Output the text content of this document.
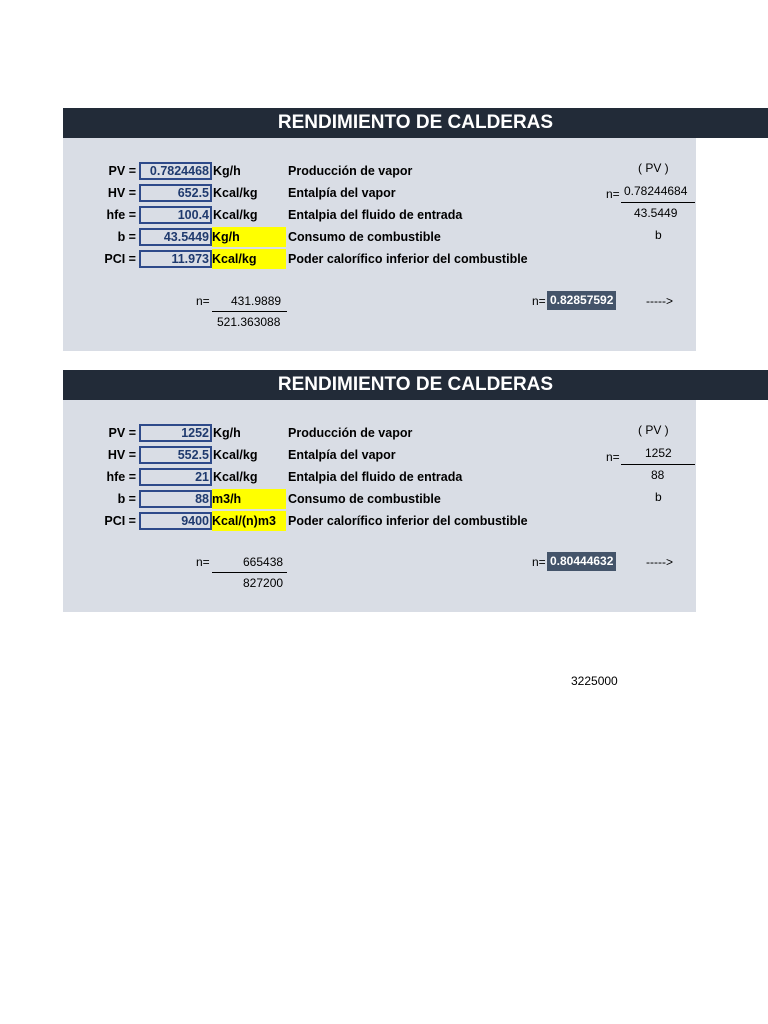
RENDIMIENTO DE CALDERAS
PV =	0.7824468 Kg/h	Producción de vapor
HV =	652.5 Kcal/kg Entalpía del vapor
hfe =	100.4 Kcal/kg Entalpia del fluido de entrada
b =	43.5449 Kg/h	Consumo de combustible
PCI =	11.973 Kcal/kg	Poder calorífico inferior del combustible
n= 431.9889
521.363088
n= 0.82857592	----->
( PV )
n= 0.78244684
43.5449
b
RENDIMIENTO DE CALDERAS
PV =	1252 Kg/h	Producción de vapor
HV =	552.5 Kcal/kg Entalpía del vapor
hfe =	21 Kcal/kg Entalpia del fluido de entrada
b =	88 m3/h	Consumo de combustible
PCI =	9400 Kcal/(n)m3 Poder calorífico inferior del combustible
n=	665438
827200
n= 0.80444632	----->
( PV )
n= 1252
88
b
3225000
